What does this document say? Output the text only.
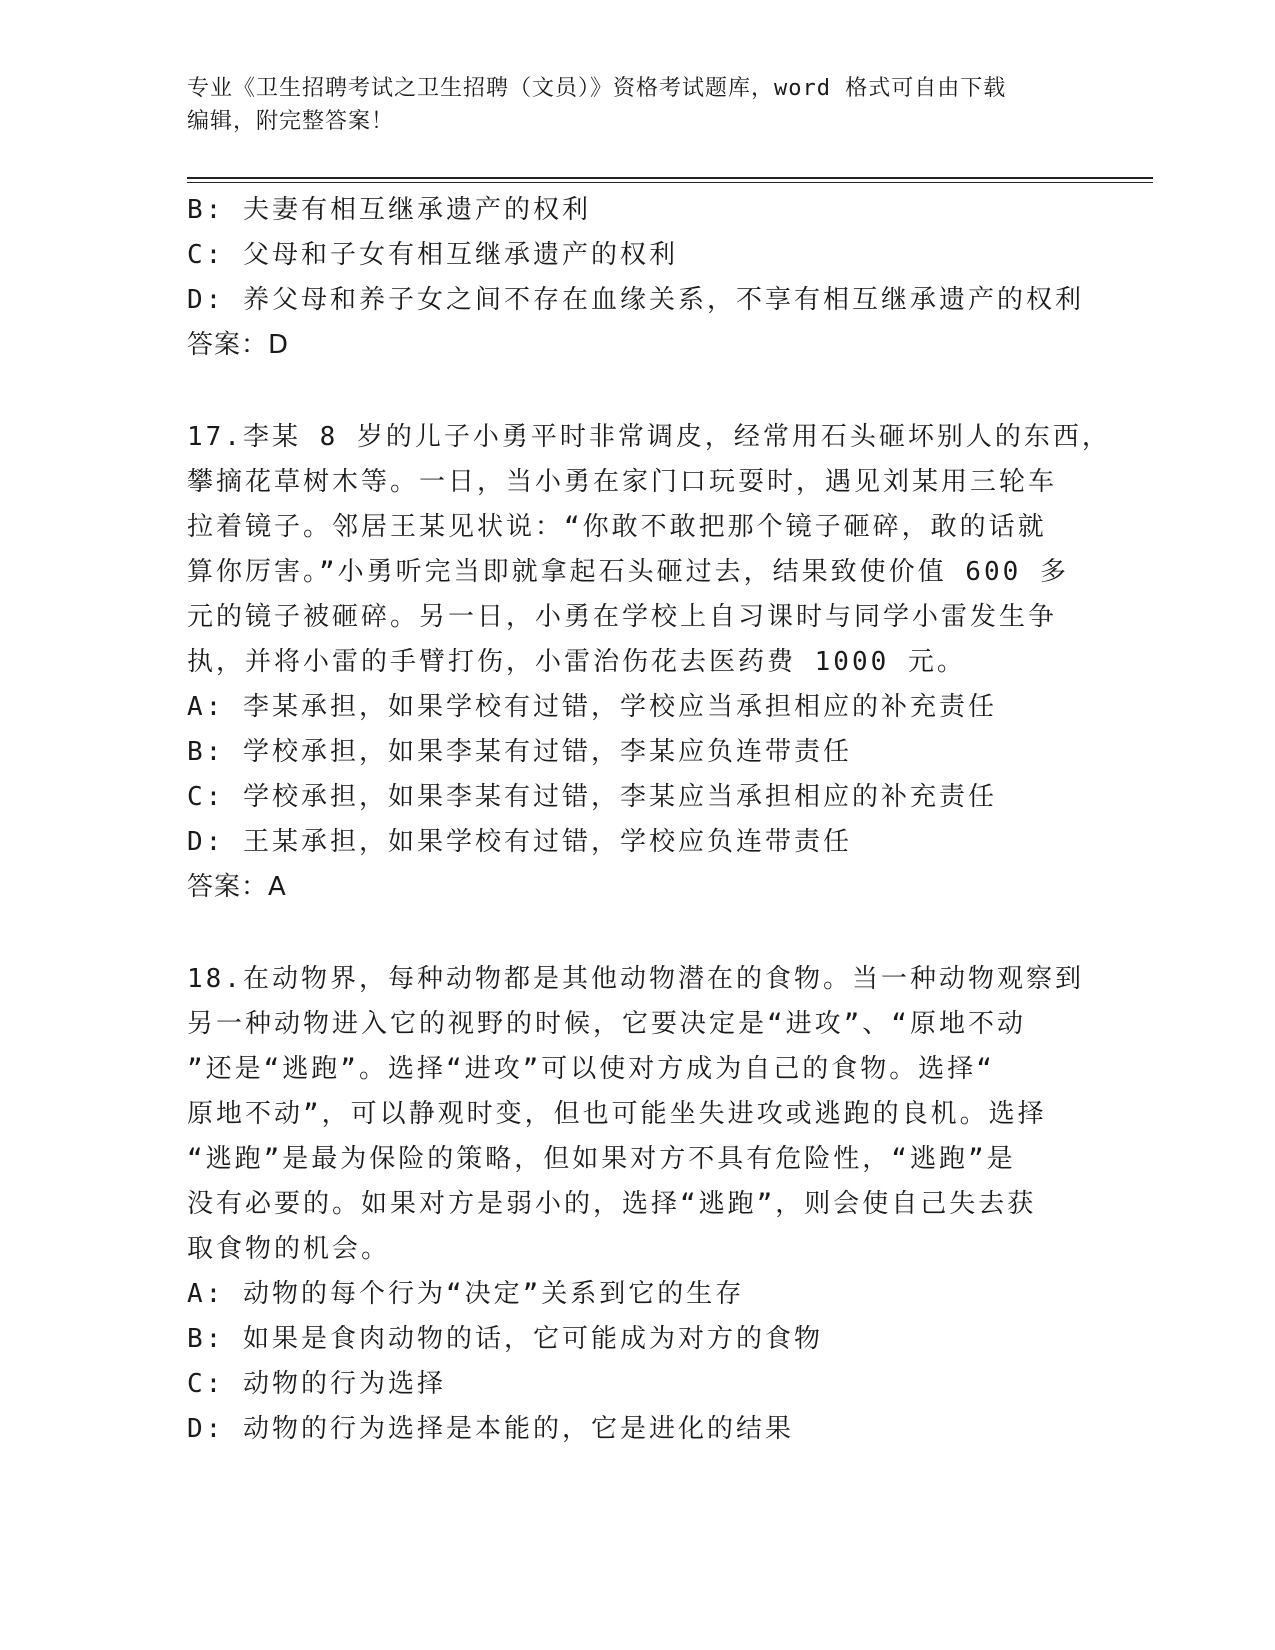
专业《卫生招聘考试之卫生招聘（文员）》资格考试题库，word 格式可自由下载
编辑，附完整答案！
B: 夫妻有相互继承遗产的权利
C: 父母和子女有相互继承遗产的权利
D: 养父母和养子女之间不存在血缘关系，不享有相互继承遗产的权利
答案：D
17.李某 8 岁的儿子小勇平时非常调皮，经常用石头砸坏别人的东西，
攀摘花草树木等。一日，当小勇在家门口玩耍时，遇见刘某用三轮车
拉着镜子。邻居王某见状说：“你敢不敢把那个镜子砸碎，敢的话就
算你厉害。”小勇听完当即就拿起石头砸过去，结果致使价值 600 多
元的镜子被砸碎。另一日，小勇在学校上自习课时与同学小雷发生争
执，并将小雷的手臂打伤，小雷治伤花去医药费 1000 元。
A: 李某承担，如果学校有过错，学校应当承担相应的补充责任
B: 学校承担，如果李某有过错，李某应负连带责任
C: 学校承担，如果李某有过错，李某应当承担相应的补充责任
D: 王某承担，如果学校有过错，学校应负连带责任
答案：A
18.在动物界，每种动物都是其他动物潜在的食物。当一种动物观察到
另一种动物进入它的视野的时候，它要决定是“进攻”、“原地不动
”还是“逃跑”。选择“进攻”可以使对方成为自己的食物。选择“
原地不动”，可以静观时变，但也可能坐失进攻或逃跑的良机。选择
“逃跑”是最为保险的策略，但如果对方不具有危险性，“逃跑”是
没有必要的。如果对方是弱小的，选择“逃跑”，则会使自己失去获
取食物的机会。
A: 动物的每个行为“决定”关系到它的生存
B: 如果是食肉动物的话，它可能成为对方的食物
C: 动物的行为选择
D: 动物的行为选择是本能的，它是进化的结果
